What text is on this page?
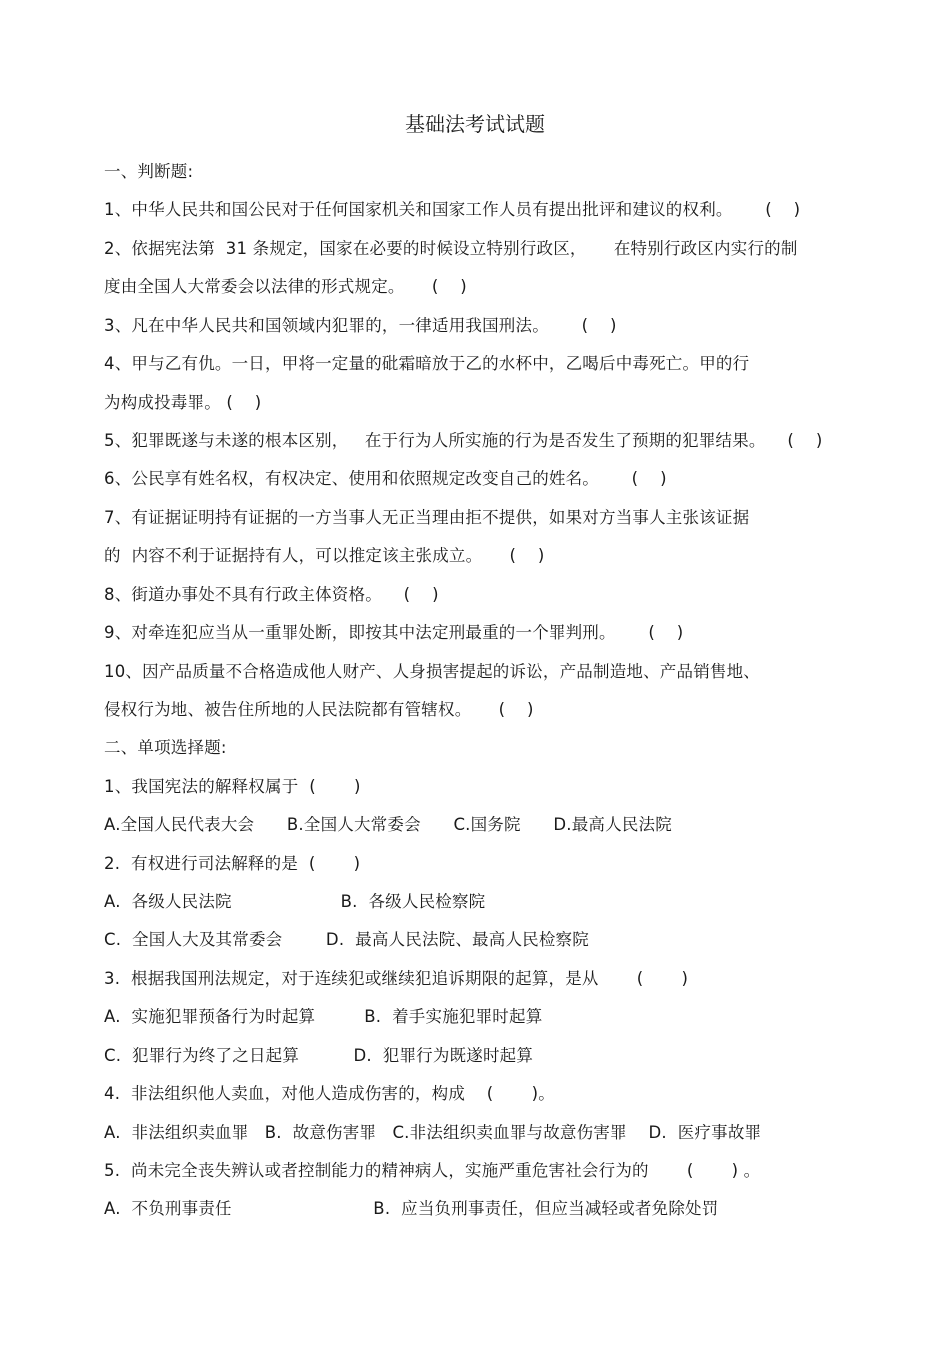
基础法考试试题
一、判断题:
1、中华人民共和国公民对于任何国家机关和国家工作人员有提出批评和建议的权利。      (    )
2、依据宪法第  31 条规定，国家在必要的时候设立特别行政区，     在特别行政区内实行的制
度由全国人大常委会以法律的形式规定。     (    )
3、凡在中华人民共和国领域内犯罪的，一律适用我国刑法。      (    )
4、甲与乙有仇。一日，甲将一定量的砒霜暗放于乙的水杯中，乙喝后中毒死亡。甲的行
为构成投毒罪。 (    )
5、犯罪既遂与未遂的根本区别，   在于行为人所实施的行为是否发生了预期的犯罪结果。    (    )
6、公民享有姓名权，有权决定、使用和依照规定改变自己的姓名。      (    )
7、有证据证明持有证据的一方当事人无正当理由拒不提供，如果对方当事人主张该证据
的  内容不利于证据持有人，可以推定该主张成立。     (    )
8、街道办事处不具有行政主体资格。    (    )
9、对牵连犯应当从一重罪处断，即按其中法定刑最重的一个罪判刑。      (    )
10、因产品质量不合格造成他人财产、人身损害提起的诉讼，产品制造地、产品销售地、
侵权行为地、被告住所地的人民法院都有管辖权。     (    )
二、单项选择题:
1、我国宪法的解释权属于  (       )
A.全国人民代表大会      B.全国人大常委会      C.国务院      D.最高人民法院
2.  有权进行司法解释的是  (       )
A.  各级人民法院                    B.  各级人民检察院
C.  全国人大及其常委会        D.  最高人民法院、最高人民检察院
3.  根据我国刑法规定，对于连续犯或继续犯追诉期限的起算，是从       (       )
A.  实施犯罪预备行为时起算         B.  着手实施犯罪时起算
C.  犯罪行为终了之日起算          D.  犯罪行为既遂时起算
4.  非法组织他人卖血，对他人造成伤害的，构成    (       )。
A.  非法组织卖血罪   B.  故意伤害罪   C.非法组织卖血罪与故意伤害罪    D.  医疗事故罪
5.  尚未完全丧失辨认或者控制能力的精神病人，实施严重危害社会行为的       (       ) 。
A.  不负刑事责任                          B.  应当负刑事责任，但应当减轻或者免除处罚
